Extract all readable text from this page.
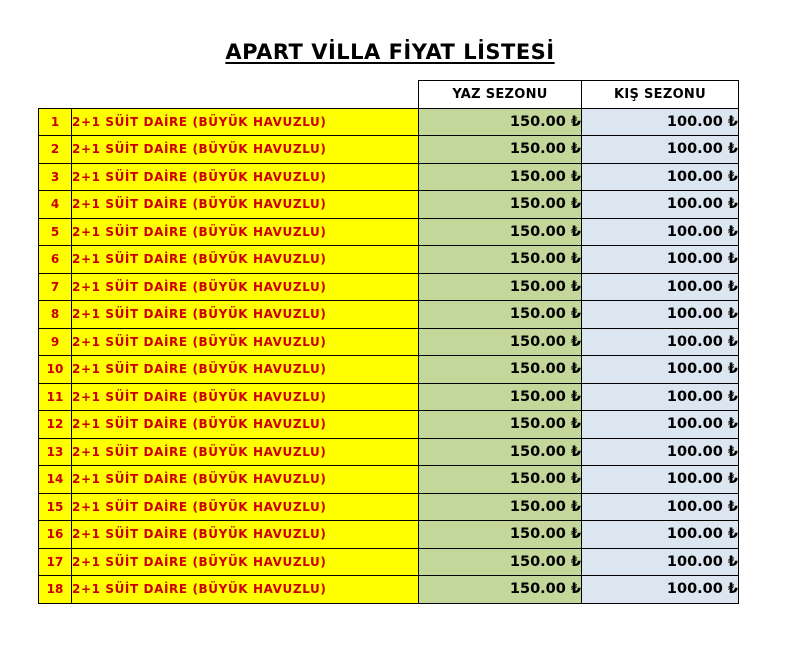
APART VİLLA FİYAT LİSTESİ
		YAZ SEZONU	KIŞ SEZONU
1	2+1 SÜİT DAİRE (BÜYÜK HAVUZLU)	150.00 ₺	100.00 ₺
2	2+1 SÜİT DAİRE (BÜYÜK HAVUZLU)	150.00 ₺	100.00 ₺
3	2+1 SÜİT DAİRE (BÜYÜK HAVUZLU)	150.00 ₺	100.00 ₺
4	2+1 SÜİT DAİRE (BÜYÜK HAVUZLU)	150.00 ₺	100.00 ₺
5	2+1 SÜİT DAİRE (BÜYÜK HAVUZLU)	150.00 ₺	100.00 ₺
6	2+1 SÜİT DAİRE (BÜYÜK HAVUZLU)	150.00 ₺	100.00 ₺
7	2+1 SÜİT DAİRE (BÜYÜK HAVUZLU)	150.00 ₺	100.00 ₺
8	2+1 SÜİT DAİRE (BÜYÜK HAVUZLU)	150.00 ₺	100.00 ₺
9	2+1 SÜİT DAİRE (BÜYÜK HAVUZLU)	150.00 ₺	100.00 ₺
10	2+1 SÜİT DAİRE (BÜYÜK HAVUZLU)	150.00 ₺	100.00 ₺
11	2+1 SÜİT DAİRE (BÜYÜK HAVUZLU)	150.00 ₺	100.00 ₺
12	2+1 SÜİT DAİRE (BÜYÜK HAVUZLU)	150.00 ₺	100.00 ₺
13	2+1 SÜİT DAİRE (BÜYÜK HAVUZLU)	150.00 ₺	100.00 ₺
14	2+1 SÜİT DAİRE (BÜYÜK HAVUZLU)	150.00 ₺	100.00 ₺
15	2+1 SÜİT DAİRE (BÜYÜK HAVUZLU)	150.00 ₺	100.00 ₺
16	2+1 SÜİT DAİRE (BÜYÜK HAVUZLU)	150.00 ₺	100.00 ₺
17	2+1 SÜİT DAİRE (BÜYÜK HAVUZLU)	150.00 ₺	100.00 ₺
18	2+1 SÜİT DAİRE (BÜYÜK HAVUZLU)	150.00 ₺	100.00 ₺
